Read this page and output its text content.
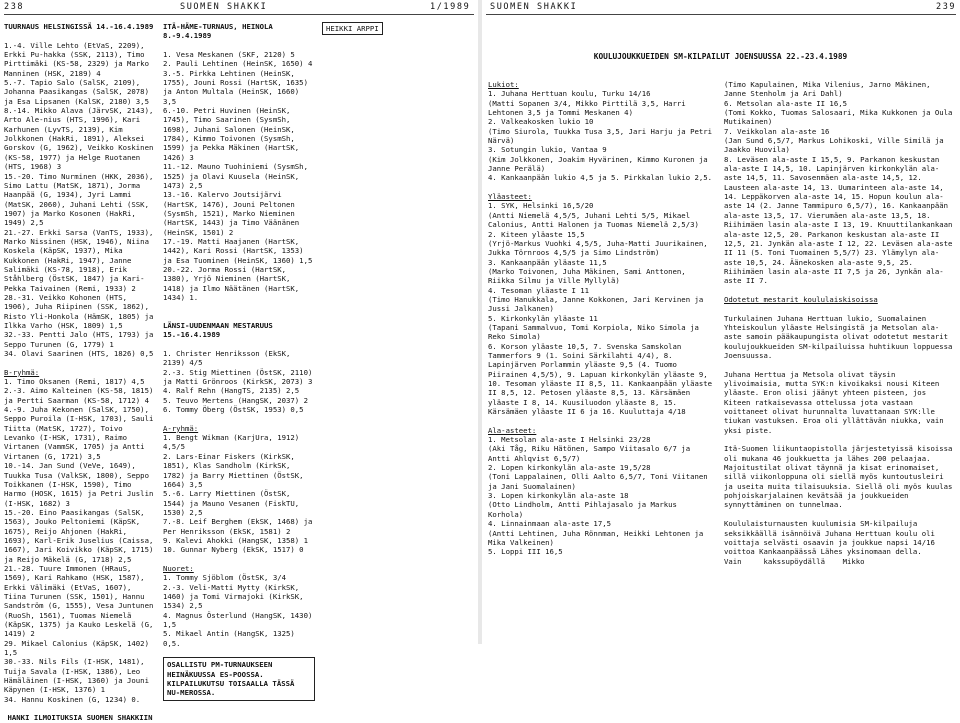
238	SUOMEN SHAKKI	1/1989

TUURNAUS HELSINGISSÄ 14.-16.4.1989

1.-4. Ville Lehto (EtVaS, 2209), Erkki Pu-hakka (SSK, 2113), Timo Pirttimäki (KS-58, 2329) ja Marko Manninen (HSK, 2189) 4

5.-7. Tapio Salo (SalSK, 2109), Johanna Paasikangas (SalSK, 2078) ja Esa Lipsanen (KalSK, 2180) 3,5

8.-14. Mikko Alava (JärvSK, 2143), Arto Ale-nius (HTS, 1996), Kari Karhunen (LyvTS, 2139), Kim Jolkkonen (HakRi, 1891), Aleksei Gorskov (G, 1962), Veikko Koskinen (KS-58, 1977) ja Helge Ruotanen (HTS, 1968) 3

15.-20. Timo Nurminen (HKK, 2036), Simo Lattu (MatSK, 1871), Jorma Haanpää (G, 1934), Jyri Lammi (MatSK, 2060), Juhani Lehti (SSK, 1907) ja Marko Kosonen (HakRi, 1949) 2,5

21.-27. Erkki Sarsa (VanTS, 1933), Marko Nissinen (HSK, 1946), Niina Koskela (KäpSK, 1937), Mika Kukkonen (HakRi, 1947), Janne Salimäki (KS-78, 1918), Erik Ståhlberg (ÖstSK, 1847) ja Kari-Pekka Taivainen (Remi, 1933) 2

28.-31. Veikko Kohonen (HTS, 1906), Juha Riipinen (SSK, 1862), Risto Yli-Honkola (HämSK, 1805) ja Ilkka Varho (HSK, 1809) 1,5

32.-33. Pentti Jalo (HTS, 1793) ja Seppo Turunen (G, 1779) 1

34. Olavi Saarinen (HTS, 1826) 0,5

B-ryhmä:

1. Timo Oksanen (Remi, 1817) 4,5

2.-3. Aimo Kalteinen (KS-58, 1815) ja Pertti Saarman (KS-58, 1712) 4

4.-9. Juha Kekonen (SalSK, 1750), Seppo Puroila (I-HSK, 1703), Sauli Tiitta (MatSK, 1727), Toivo Levanko (I-HSK, 1731), Raimo Virtanen (VammSK, 1705) ja Antti Virtanen (G, 1721) 3,5

10.-14. Jan Sund (VeVe, 1649), Tuukka Tusa (ValkSK, 1800), Seppo Toikkanen (I-HSK, 1590), Timo Harmo (HOSK, 1615) ja Petri Juslin (I-HSK, 1682) 3

15.-20. Eino Paasikangas (SalSK, 1563), Jouko Peltoniemi (KäpSK, 1675), Reijo Ahjonen (HakRi, 1693), Karl-Erik Juselius (Caissa, 1667), Jari Koivikko (KäpSK, 1715) ja Reijo Mäkelä (G, 1718) 2,5

21.-28. Tuure Immonen (HRauS, 1569), Kari Rahkamo (HSK, 1587), Erkki Välimäki (EtVaS, 1607), Tiina Turunen (SSK, 1501), Hannu Sandström (G, 1555), Vesa Juntunen (RuoSh, 1561), Tuomas Niemelä (KäpSK, 1375) ja Kauko Leskelä (G, 1419) 2

29. Mikael Calonius (KäpSK, 1402) 1,5

30.-33. Nils Fils (I-HSK, 1481), Tuija Savala (I-HSK, 1386), Leo Hämäläinen (I-HSK, 1360) ja Jouni Käpynen (I-HSK, 1376) 1

34. Hannu Koskinen (G, 1234) 0.

HANKI ILMOITUKSIA SUOMEN SHAKKIIN

ITÄ-HÄME-TURNAUS, HEINOLA 8.-9.4.1989

1. Vesa Meskanen (SKF, 2120) 5

2. Pauli Lehtinen (HeinSK, 1650) 4

3.-5. Pirkka Lehtinen (HeinSK, 1755), Jouni Rossi (HartSK, 1635) ja Anton Multala (HeinSK, 1660) 3,5

6.-10. Petri Huvinen (HeinSK, 1745), Timo Saarinen (SysmSh, 1698), Juhani Salonen (HeinSK, 1784), Kimmo Toivonen (SysmSh, 1599) ja Pekka Mäkinen (HartSK, 1426) 3

11.-12. Mauno Tuohiniemi (SysmSh, 1525) ja Olavi Kuusela (HeinSK, 1473) 2,5

13.-16. Kalervo Joutsijärvi (HartSK, 1476), Jouni Peltonen (SysmSh, 1521), Marko Nieminen (HartSK, 1443) ja Timo Väänänen (HeinSK, 1501) 2

17.-19. Matti Haajanen (HartSK, 1442), Kari Rossi (HartSK, 1353) ja Esa Tuominen (HeinSK, 1360) 1,5

20.-22. Jorma Rossi (HartSK, 1380), Yrjö Nieminen (HartSK, 1418) ja Ilmo Näätänen (HartSK, 1434) 1.

LÄNSI-UUDENMAAN MESTARUUS 15.-16.4.1989

1. Christer Henriksson (EkSK, 2139) 4/5

2.-3. Stig Miettinen (ÖstSK, 2110) ja Matti Grönroos (KirkSK, 2073) 3

4. Ralf Rehn (HangTS, 2135) 2,5

5. Teuvo Mertens (HangSK, 2037) 2

6. Tommy Öberg (ÖstSK, 1953) 0,5

A-ryhmä:

1. Bengt Wikman (KarjUra, 1912) 4,5/5

2. Lars-Einar Fiskers (KirkSK, 1851), Klas Sandholm (KirkSK, 1782) ja Barry Miettinen (ÖstSK, 1664) 3,5

5.-6. Larry Miettinen (ÖstSK, 1544) ja Mauno Vesanen (FiskTU, 1530) 2,5

7.-8. Leif Berghem (EkSK, 1468) ja Per Henriksson (EkSK, 1581) 2

9. Kalevi Ahokki (HangSK, 1358) 1

10. Gunnar Nyberg (EkSK, 1517) 0

Nuoret:

1. Tommy Sjöblom (ÖstSK, 3/4

2.-3. Veli-Matti Mytty (KirkSK, 1460) ja Tomi Virmajoki (KirkSK, 1534) 2,5

4. Magnus Österlund (HangSK, 1430) 1,5

5. Mikael Antin (HangSK, 1325) 0,5.

OSALLISTU PM-TURNAUKSEEN HEINÄKUUSSA ES-POOSSA. KILPAILUKUTSU TOISAALLA TÄSSÄ NU-MEROSSA.

HEIKKI ARPPI

SUOMEN SHAKKI	239
KOULUJOUKKUEIDEN SM-KILPAILUT JOENSUUSSA 22.-23.4.1989

Lukiot:

1. Juhana Herttuan koulu, Turku 14/16

(Matti Sopanen 3/4, Mikko Pirttilä 3,5, Harri Lehtonen 3,5 ja Tommi Meskanen 4)

2. Valkeakosken lukio 10

(Timo Siurola, Tuukka Tusa 3,5, Jari Harju ja Petri Närvä)

3. Sotungin lukio, Vantaa 9

(Kim Jolkkonen, Joakim Hyvärinen, Kimmo Kuronen ja Janne Perälä)

4. Kankaanpään lukio 4,5 ja 5. Pirkkalan lukio 2,5.

Yläasteet:

1. SYK, Helsinki 16,5/20

(Antti Niemelä 4,5/5, Juhani Lehti 5/5, Mikael Calonius, Antti Halonen ja Tuomas Niemelä 2,5/3)

2. Kiteen yläaste 15,5

(Yrjö-Markus Vuohki 4,5/5, Juha-Matti Juurikainen, Jukka Törnroos 4,5/5 ja Simo Lindström)

3. Kankaanpään yläaste 11,5

(Marko Toivonen, Juha Mäkinen, Sami Anttonen, Riikka Silmu ja Ville Myllylä)

4. Tesoman yläaste I 11

(Timo Hanukkala, Janne Kokkonen, Jari Kervinen ja Jussi Jalkanen)

5. Kirkonkylän yläaste 11

(Tapani Sammalvuo, Tomi Korpiola, Niko Simola ja Reko Simola)

6. Korson yläaste 10,5, 7. Svenska Samskolan Tammerfors 9 (1. Soini Särkilahti 4/4), 8. Lapinjärven Porlammin yläaste 9,5 (4. Tuomo Piirainen 4,5/5), 9. Lapuan kirkonkylän yläaste 9, 10. Tesoman yläaste II 8,5, 11. Kankaanpään yläaste II 8,5, 12. Petosen yläaste 8,5, 13. Kärsämäen yläaste I 8, 14. Kuusiluodon yläaste 8, 15. Kärsämäen yläaste II 6 ja 16. Kuuluttaja 4/18

Ala-asteet:

1. Metsolan ala-aste I Helsinki 23/28

(Aki Tåg, Riku Hätönen, Sampo Viitasalo 6/7 ja Antti Ahlqvist 6,5/7)

2. Lopen kirkonkylän ala-aste 19,5/28

(Toni Lappalainen, Olli Aalto 6,5/7, Toni Viitanen ja Jani Suomalainen)

3. Lopen kirkonkylän ala-aste 18

(Otto Lindholm, Antti Pihlajasalo ja Markus Korhola)

4. Linnainmaan ala-aste 17,5

(Antti Lehtinen, Juha Rönnman, Heikki Lehtonen ja Mika Valkeinen)

5. Loppi III 16,5

(Timo Kapulainen, Mika Vilenius, Jarno Mäkinen, Janne Stenholm ja Ari Dahl)

6. Metsolan ala-aste II 16,5

(Tomi Kokko, Tuomas Salosaari, Mika Kukkonen ja Oula Mutikainen)

7. Veikkolan ala-aste 16

(Jan Sund 6,5/7, Markus Lohikoski, Ville Similä ja Jaakko Huovila)

8. Leväsen ala-aste I 15,5, 9. Parkanon keskustan ala-aste I 14,5, 10. Lapinjärven kirkonkylän ala-aste 14,5, 11. Savosenmäen ala-aste 14,5, 12. Lausteen ala-aste 14, 13. Uumarinteen ala-aste 14, 14. Leppäkorven ala-aste 14, 15. Hopun koulun ala-aste 14 (2. Janne Tammipuro 6,5/7), 16. Kankaanpään ala-aste 13,5, 17. Vierumäen ala-aste 13,5, 18. Riihimäen lasin ala-aste I 13, 19. Knuuttilankankaan ala-aste 12,5, 20. Parkanon keskustan ala-aste II 12,5, 21. Jynkän ala-aste I 12, 22. Leväsen ala-aste II 11 (5. Toni Tuomainen 5,5/7) 23. Ylämylyn ala-aste 10,5, 24. Äänekosken ala-aste 9,5, 25. Riihimäen lasin ala-aste II 7,5 ja 26, Jynkän ala-aste II 7.

Odotetut mestarit koululaiskisoissa

Turkulainen Juhana Herttuan lukio, Suomalainen Yhteiskoulun yläaste Helsingistä ja Metsolan ala-aste samoin pääkaupungista olivat odotetut mestarit koulujoukkueiden SM-kilpailuissa huhtikuun loppuessa Joensuussa.

Juhana Herttua ja Metsola olivat täysin ylivoimaisia, mutta SYK:n kivoikaksi nousi Kiteen yläaste. Eron olisi jäänyt yhteen pisteen, jos Kiteen ratkaisevassa ottelussa jota vastaan voittaneet olivat hurunnalta luvattanaan SYK:lle tiukan vastuksen. Eroa oli yllättävän niukka, vain yksi piste.

Itä-Suomen liikuntaopistolla järjestetyissä kisoissa oli mukana 46 joukkuetta ja lähes 200 pelaajaa. Majoitustilat olivat täynnä ja kisat erinomaiset, sillä viikonloppuna oli siellä myös kuntoutusleiri ja useita muita tilaisuuksia. Siellä oli myös kuulas pohjoiskarjalainen kevätsää ja joukkueiden synnyttäminen on tunnelmaa.

Koululaisturnausten kuulumisia SM-kilpailuja seksikkäällä isännöivä Juhana Herttuan koulu oli voittaja selvästi osaavin ja joukkue napsi 14/16 voittoa Kankaanpäässä Lähes yksinomaan della.    Vain     kakssupöydällä    Mikko
